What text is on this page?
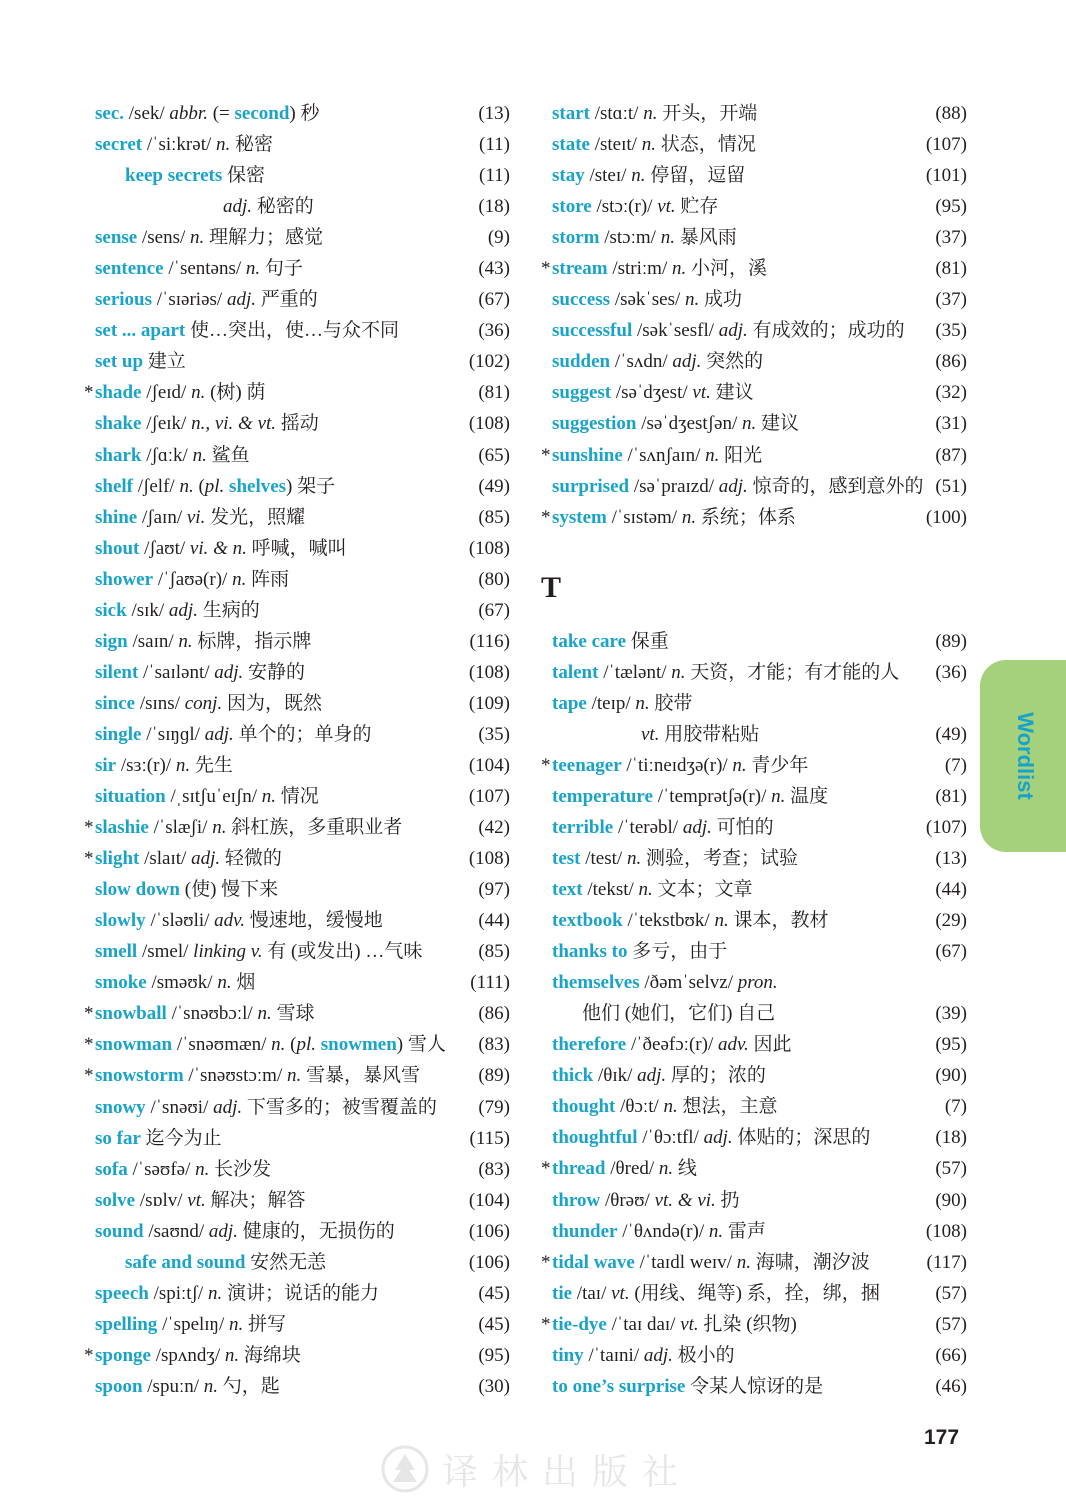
sec. /sek/ abbr. (= second) 秒	(13)
secret /ˈsiːkrət/ n. 秘密	(11)
keep secrets 保密	(11)
adj. 秘密的	(18)
sense /sens/ n. 理解力；感觉	(9)
sentence /ˈsentəns/ n. 句子	(43)
serious /ˈsɪəriəs/ adj. 严重的	(67)
set ... apart 使…突出，使…与众不同	(36)
set up 建立	(102)
* shade /ʃeɪd/ n. (树) 荫	(81)
shake /ʃeɪk/ n., vi. & vt. 摇动	(108)
shark /ʃɑːk/ n. 鲨鱼	(65)
shelf /ʃelf/ n. (pl. shelves) 架子	(49)
shine /ʃaɪn/ vi. 发光，照耀	(85)
shout /ʃaʊt/ vi. & n. 呼喊，喊叫	(108)
shower /ˈʃaʊə(r)/ n. 阵雨	(80)
sick /sɪk/ adj. 生病的	(67)
sign /saɪn/ n. 标牌，指示牌	(116)
silent /ˈsaɪlənt/ adj. 安静的	(108)
since /sɪns/ conj. 因为，既然	(109)
single /ˈsɪŋɡl/ adj. 单个的；单身的	(35)
sir /sɜː(r)/ n. 先生	(104)
situation /ˌsɪtʃuˈeɪʃn/ n. 情况	(107)
* slashie /ˈslæʃi/ n. 斜杠族，多重职业者	(42)
* slight /slaɪt/ adj. 轻微的	(108)
slow down (使) 慢下来	(97)
slowly /ˈsləʊli/ adv. 慢速地，缓慢地	(44)
smell /smel/ linking v. 有 (或发出) …气味	(85)
smoke /sməʊk/ n. 烟	(111)
* snowball /ˈsnəʊbɔːl/ n. 雪球	(86)
* snowman /ˈsnəʊmæn/ n. (pl. snowmen) 雪人 (83)
* snowstorm /ˈsnəʊstɔːm/ n. 雪暴，暴风雪	(89)
snowy /ˈsnəʊi/ adj. 下雪多的；被雪覆盖的 (79)
so far 迄今为止	(115)
sofa /ˈsəʊfə/ n. 长沙发	(83)
solve /sɒlv/ vt. 解决；解答	(104)
sound /saʊnd/ adj. 健康的，无损伤的	(106)
safe and sound 安然无恙	(106)
speech /spiːtʃ/ n. 演讲；说话的能力	(45)
spelling /ˈspelɪŋ/ n. 拼写	(45)
* sponge /spʌndʒ/ n. 海绵块	(95)
spoon /spuːn/ n. 勺，匙	(30)
start /stɑːt/ n. 开头，开端	(88)
state /steɪt/ n. 状态，情况	(107)
stay /steɪ/ n. 停留，逗留	(101)
store /stɔː(r)/ vt. 贮存	(95)
storm /stɔːm/ n. 暴风雨	(37)
* stream /striːm/ n. 小河，溪	(81)
success /səkˈses/ n. 成功	(37)
successful /səkˈsesfl/ adj. 有成效的；成功的 (35)
sudden /ˈsʌdn/ adj. 突然的	(86)
suggest /səˈdʒest/ vt. 建议	(32)
suggestion /səˈdʒestʃən/ n. 建议	(31)
* sunshine /ˈsʌnʃaɪn/ n. 阳光	(87)
surprised /səˈpraɪzd/ adj. 惊奇的，感到意外的 (51)
* system /ˈsɪstəm/ n. 系统；体系	(100)
T
take care 保重	(89)
talent /ˈtælənt/ n. 天资，才能；有才能的人 (36)
tape /teɪp/ n. 胶带
vt. 用胶带粘贴	(49)
* teenager /ˈtiːneɪdʒə(r)/ n. 青少年	(7)
temperature /ˈtemprətʃə(r)/ n. 温度	(81)
terrible /ˈterəbl/ adj. 可怕的	(107)
test /test/ n. 测验，考查；试验	(13)
text /tekst/ n. 文本；文章	(44)
textbook /ˈtekstbʊk/ n. 课本，教材	(29)
thanks to 多亏，由于	(67)
themselves /ðəmˈselvz/ pron.
他们 (她们，它们) 自己	(39)
therefore /ˈðeəfɔː(r)/ adv. 因此	(95)
thick /θɪk/ adj. 厚的；浓的	(90)
thought /θɔːt/ n. 想法，主意	(7)
thoughtful /ˈθɔːtfl/ adj. 体贴的；深思的	(18)
* thread /θred/ n. 线	(57)
throw /θrəʊ/ vt. & vi. 扔	(90)
thunder /ˈθʌndə(r)/ n. 雷声	(108)
* tidal wave /ˈtaɪdl weɪv/ n. 海啸，潮汐波	(117)
tie /taɪ/ vt. (用线、绳等) 系，拴，绑，捆	(57)
* tie-dye /ˈtaɪ daɪ/ vt. 扎染 (织物)	(57)
tiny /ˈtaɪni/ adj. 极小的	(66)
to one’s surprise 令某人惊讶的是	(46)
Wordlist
177
译林出版社
